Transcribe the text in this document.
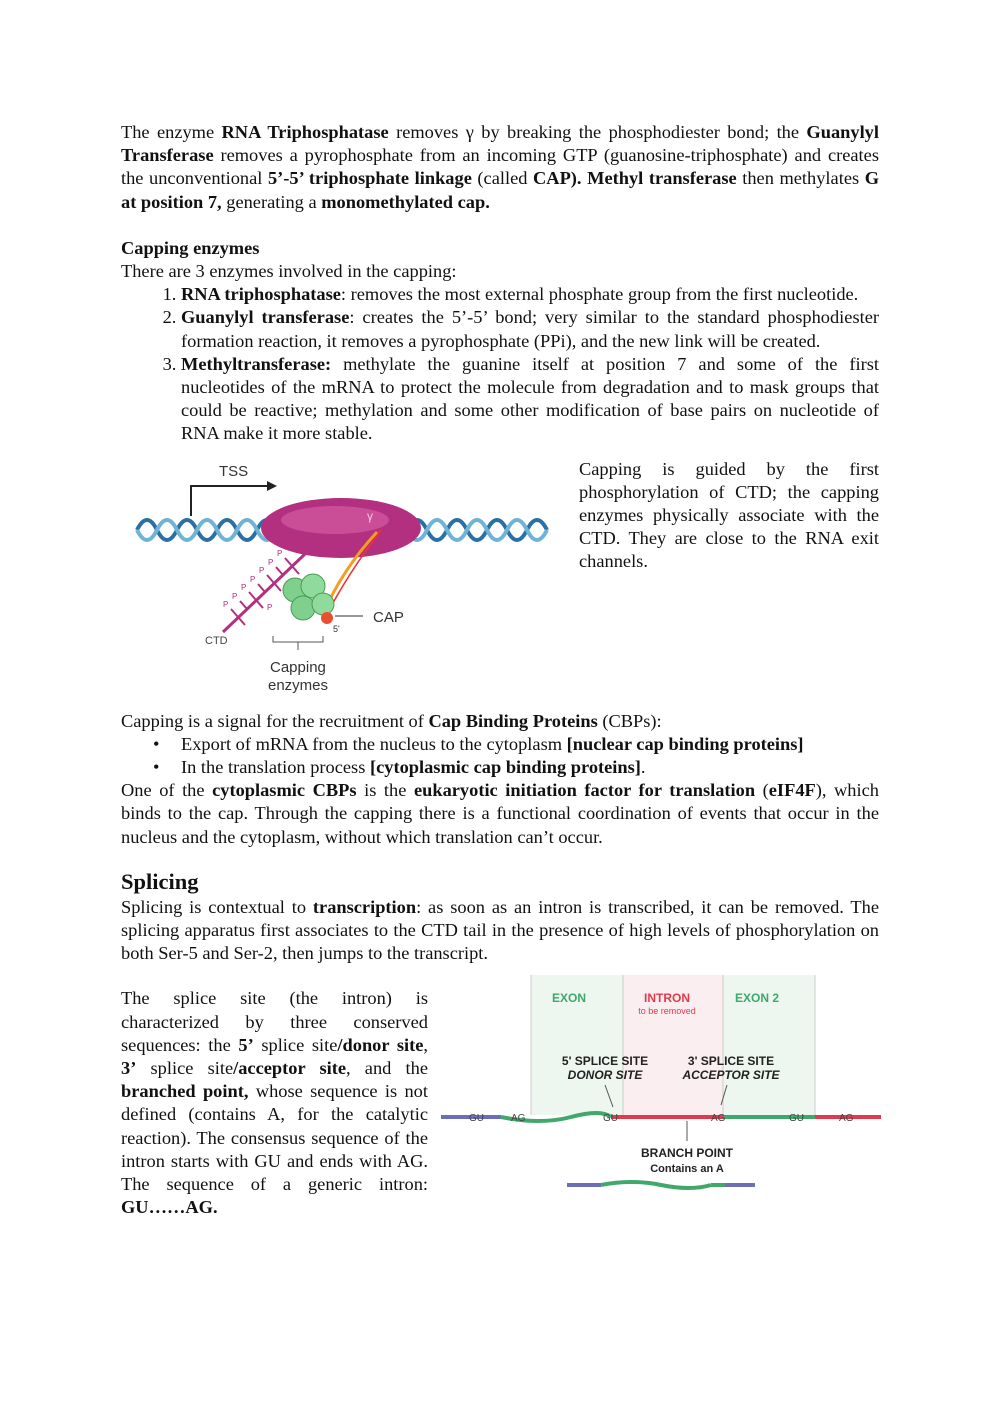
The enzyme RNA Triphosphatase removes γ by breaking the phosphodiester bond; the Guanylyl Transferase removes a pyrophosphate from an incoming GTP (guanosine-triphosphate) and creates the unconventional 5’-5’ triphosphate linkage (called CAP). Methyl transferase then methylates G at position 7, generating a monomethylated cap.

Capping enzymes

There are 3 enzymes involved in the capping:

1. RNA triphosphatase: removes the most external phosphate group from the first nucleotide.
2. Guanylyl transferase: creates the 5’-5’ bond; very similar to the standard phosphodiester formation reaction, it removes a pyrophosphate (PPi), and the new link will be created.
3. Methyltransferase: methylate the guanine itself at position 7 and some of the first nucleotides of the mRNA to protect the molecule from degradation and to mask groups that could be reactive; methylation and some other modification of base pairs on nucleotide of RNA make it more stable.
TSS
γ
P
P
P
P
P
P
P	P
CTD
5'
CAP
Capping
enzymes

Capping is guided by the first phosphorylation of CTD; the capping enzymes physically associate with the CTD. They are close to the RNA exit channels.

Capping is a signal for the recruitment of Cap Binding Proteins (CBPs):

• Export of mRNA from the nucleus to the cytoplasm [nuclear cap binding proteins]
• In the translation process [cytoplasmic cap binding proteins].

One of the cytoplasmic CBPs is the eukaryotic initiation factor for translation (eIF4F), which binds to the cap. Through the capping there is a functional coordination of events that occur in the nucleus and the cytoplasm, without which translation can’t occur.

Splicing

Splicing is contextual to transcription: as soon as an intron is transcribed, it can be removed. The splicing apparatus first associates to the CTD tail in the presence of high levels of phosphorylation on both Ser-5 and Ser-2, then jumps to the transcript.

The splice site (the intron) is characterized by three conserved sequences: the 5’ splice site/donor site, 3’ splice site/acceptor site, and the branched point, whose sequence is not defined (contains A, for the catalytic reaction). The consensus sequence of the intron starts with GU and ends with AG. The sequence of a generic intron: GU……AG.

EXON	INTRON
to be removed
EXON 2
5' SPLICE SITE
DONOR SITE
3' SPLICE SITE
ACCEPTOR SITE
GU	AG	GU	AG	GU	AG
BRANCH POINT
Contains an A
